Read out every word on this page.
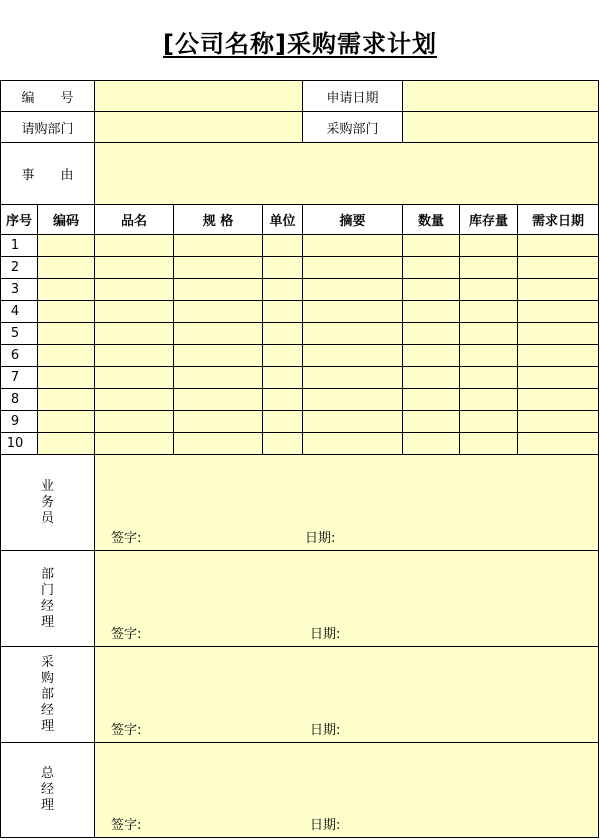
[公司名称]采购需求计划
编　　号					申请日期			
请购部门					采购部门			
事　　由								
序号	编码	品名	规 格	单位	摘要	数量	库存量	需求日期
1								
2								
3								
4								
5								
6								
7								
8								
9								
10								
业务员		签字: 日期:						

部门经理		签字: 日期:						

采购部经理		签字: 日期:						

总经理		签字: 日期:						
